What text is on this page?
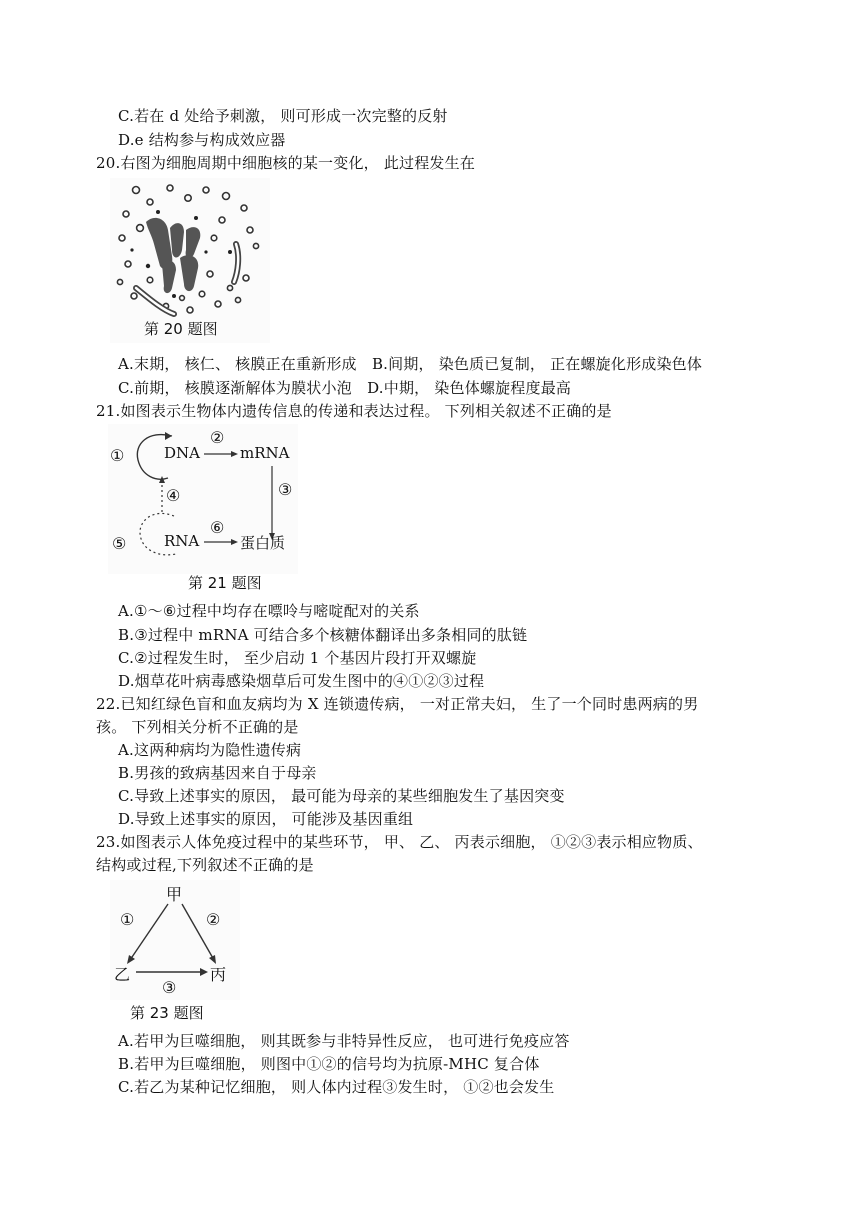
C.若在 d 处给予刺激， 则可形成一次完整的反射
D.e 结构参与构成效应器
20.右图为细胞周期中细胞核的某一变化， 此过程发生在
第 20 题图
A.末期， 核仁、 核膜正在重新形成　B.间期， 染色质已复制， 正在螺旋化形成染色体
C.前期， 核膜逐渐解体为膜状小泡　D.中期， 染色体螺旋程度最高
21.如图表示生物体内遗传信息的传递和表达过程。 下列相关叙述不正确的是
DNA	mRNA
RNA	蛋白质
①
②
③
④
⑤
⑥
第 21 题图
A.①～⑥过程中均存在嘌呤与嘧啶配对的关系
B.③过程中 mRNA 可结合多个核糖体翻译出多条相同的肽链
C.②过程发生时， 至少启动 1 个基因片段打开双螺旋
D.烟草花叶病毒感染烟草后可发生图中的④①②③过程
22.已知红绿色盲和血友病均为 X 连锁遗传病， 一对正常夫妇， 生了一个同时患两病的男
孩。 下列相关分析不正确的是
A.这两种病均为隐性遗传病
B.男孩的致病基因来自于母亲
C.导致上述事实的原因， 最可能为母亲的某些细胞发生了基因突变
D.导致上述事实的原因， 可能涉及基因重组
23.如图表示人体免疫过程中的某些环节， 甲、 乙、 丙表示细胞， ①②③表示相应物质、
结构或过程,下列叙述不正确的是
甲
乙	丙
①	②
③
第 23 题图
A.若甲为巨噬细胞， 则其既参与非特异性反应， 也可进行免疫应答
B.若甲为巨噬细胞， 则图中①②的信号均为抗原-MHC 复合体
C.若乙为某种记忆细胞， 则人体内过程③发生时， ①②也会发生
